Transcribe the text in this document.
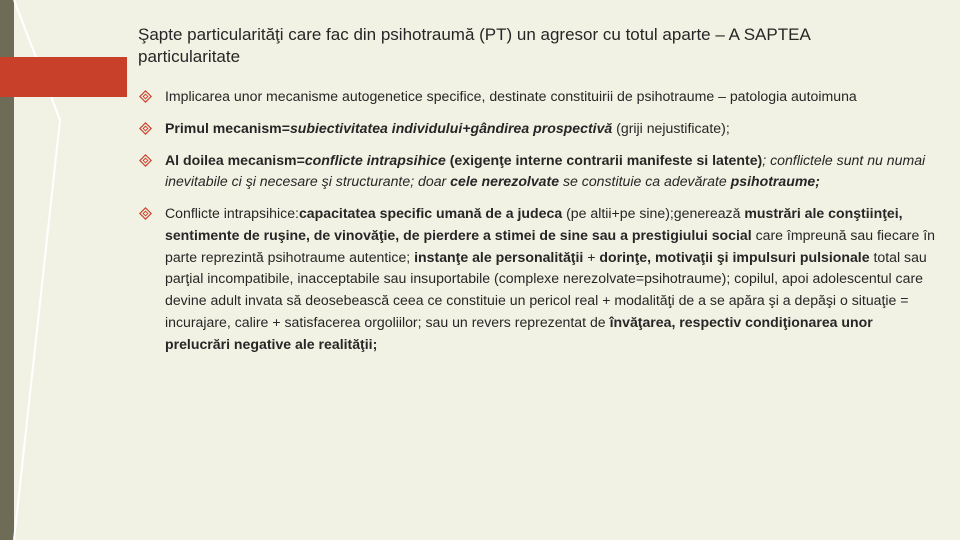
Şapte particularităţi care fac din psihotraumă (PT) un agresor cu totul aparte – A SAPTEA particularitate
Implicarea unor mecanisme autogenetice specifice, destinate constituirii de psihotraume – patologia autoimuna
Primul mecanism=subiectivitatea individului+gândirea prospectivă (griji nejustificate);
Al doilea mecanism=conflicte intrapsihice (exigenţe interne contrarii manifeste si latente); conflictele sunt nu numai inevitabile ci şi necesare şi structurante; doar cele nerezolvate se constituie ca adevărate psihotraume;
Conflicte intrapsihice:capacitatea specific umană de a judeca (pe altii+pe sine);genereazǎ mustrări ale conştiinţei, sentimente de ruşine, de vinovăţie, de pierdere a stimei de sine sau a prestigiului social care împreună sau fiecare în parte reprezintă psihotraume autentice; instanţe ale personalităţii + dorinţe, motivaţii şi impulsuri pulsionale total sau parţial incompatibile, inacceptabile sau insuportabile (complexe nerezolvate=psihotraume); copilul, apoi adolescentul care devine adult invata să deosebească ceea ce constituie un pericol real + modalităţi de a se apăra şi a depăşi o situaţie = incurajare, calire + satisfacerea orgoliilor; sau un revers reprezentat de învăţarea, respectiv condiţionarea unor prelucrări negative ale realităţii;
